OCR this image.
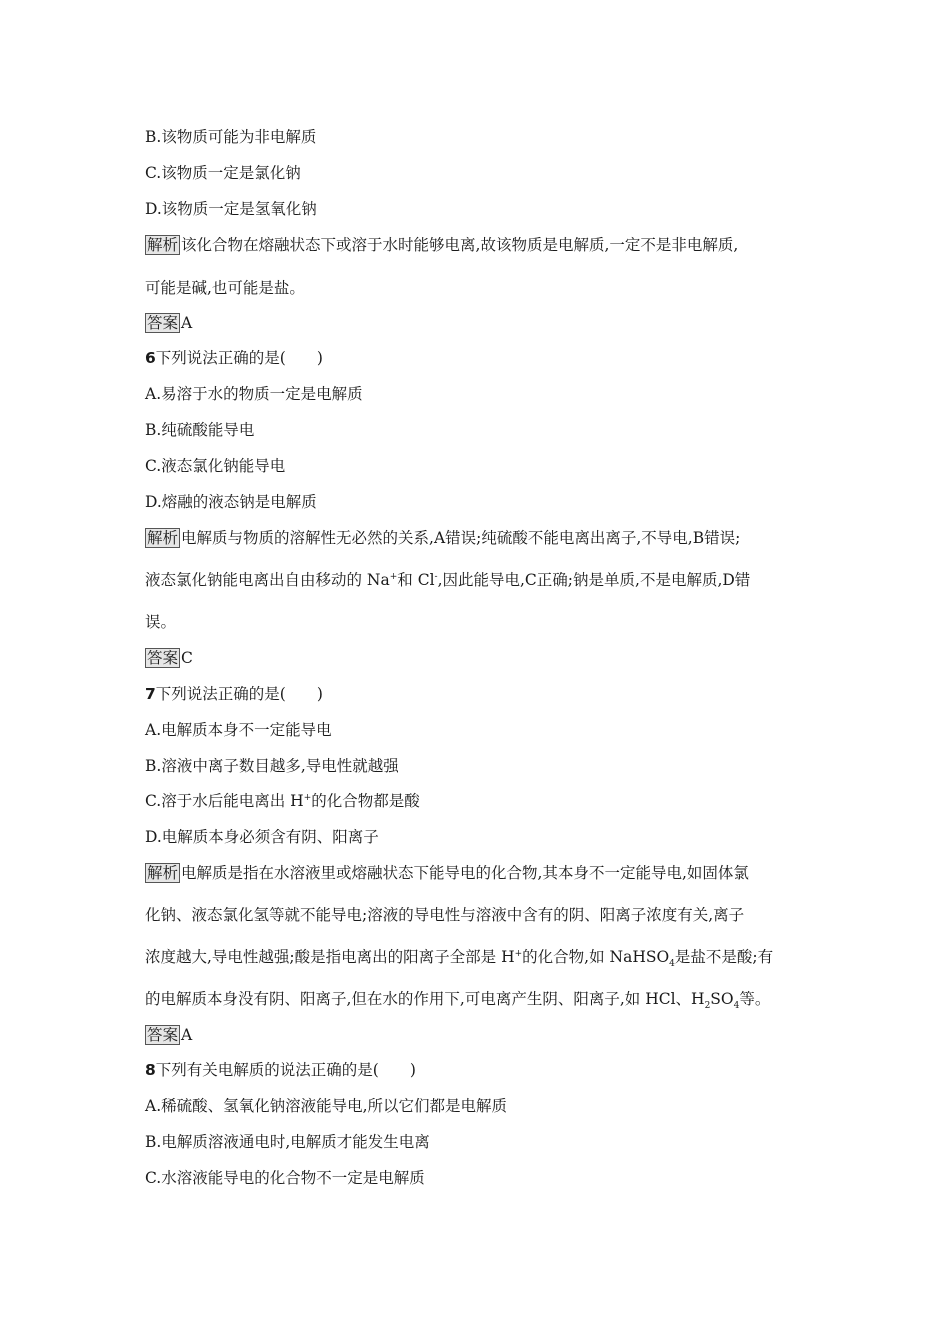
B.该物质可能为非电解质
C.该物质一定是氯化钠
D.该物质一定是氢氧化钠
解析 该化合物在熔融状态下或溶于水时能够电离,故该物质是电解质,一定不是非电解质,
可能是碱,也可能是盐。
答案 A
6下列说法正确的是(　　)
A.易溶于水的物质一定是电解质
B.纯硫酸能导电
C.液态氯化钠能导电
D.熔融的液态钠是电解质
解析 电解质与物质的溶解性无必然的关系,A错误;纯硫酸不能电离出离子,不导电,B错误;
液态氯化钠能电离出自由移动的 Na+和 Cl-,因此能导电,C正确;钠是单质,不是电解质,D错
误。
答案 C
7下列说法正确的是(　　)
A.电解质本身不一定能导电
B.溶液中离子数目越多,导电性就越强
C.溶于水后能电离出 H+的化合物都是酸
D.电解质本身必须含有阴、阳离子
解析 电解质是指在水溶液里或熔融状态下能导电的化合物,其本身不一定能导电,如固体氯
化钠、液态氯化氢等就不能导电;溶液的导电性与溶液中含有的阴、阳离子浓度有关,离子
浓度越大,导电性越强;酸是指电离出的阳离子全部是 H+的化合物,如 NaHSO$_4$是盐不是酸;有
的电解质本身没有阴、阳离子,但在水的作用下,可电离产生阴、阳离子,如 HCl、$H_2SO_4$等。
答案 A
8下列有关电解质的说法正确的是(　　)
A.稀硫酸、氢氧化钠溶液能导电,所以它们都是电解质
B.电解质溶液通电时,电解质才能发生电离
C.水溶液能导电的化合物不一定是电解质
